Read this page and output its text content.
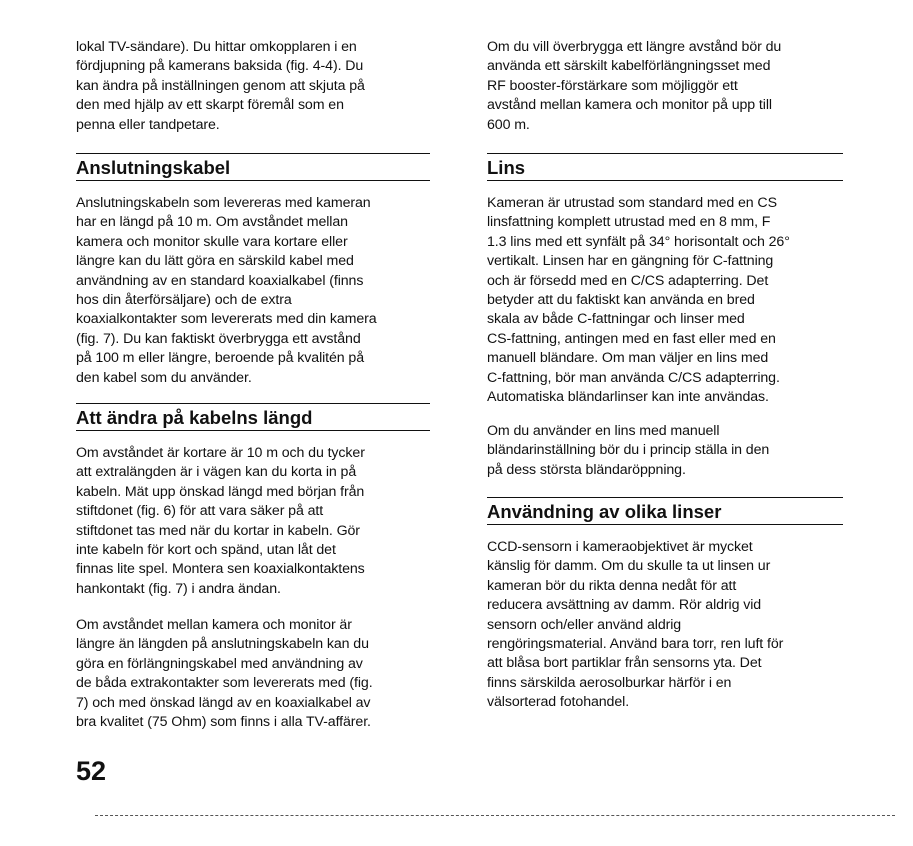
lokal TV-sändare). Du hittar omkopplaren i en
fördjupning på kamerans baksida (fig. 4-4). Du
kan ändra på inställningen genom att skjuta på
den med hjälp av ett skarpt föremål som en
penna eller tandpetare.
Anslutningskabel
Anslutningskabeln som levereras med kameran
har en längd på 10 m. Om avståndet mellan
kamera och monitor skulle vara kortare eller
längre kan du lätt göra en särskild kabel med
användning av en standard koaxialkabel (finns
hos din återförsäljare) och de extra
koaxialkontakter som levererats med din kamera
(fig. 7). Du kan faktiskt överbrygga ett avstånd
på 100 m eller längre, beroende på kvalitén på
den kabel som du använder.
Att ändra på kabelns längd
Om avståndet är kortare är 10 m och du tycker
att extralängden är i vägen kan du korta in på
kabeln. Mät upp önskad längd med början från
stiftdonet (fig. 6) för att vara säker på att
stiftdonet tas med när du kortar in kabeln. Gör
inte kabeln för kort och spänd, utan låt det
finnas lite spel. Montera sen koaxialkontaktens
hankontakt (fig. 7) i andra ändan.
Om avståndet mellan kamera och monitor är
längre än längden på anslutningskabeln kan du
göra en förlängningskabel med användning av
de båda extrakontakter som levererats med (fig.
7) och med önskad längd av en koaxialkabel av
bra kvalitet (75 Ohm) som finns i alla TV-affärer.
Om du vill överbrygga ett längre avstånd bör du
använda ett särskilt kabelförlängningsset med
RF booster-förstärkare som möjliggör ett
avstånd mellan kamera och monitor på upp till
600 m.
Lins
Kameran är utrustad som standard med en CS
linsfattning komplett utrustad med en 8 mm, F
1.3 lins med ett synfält på 34° horisontalt och 26°
vertikalt. Linsen har en gängning för C-fattning
och är försedd med en C/CS adapterring. Det
betyder att du faktiskt kan använda en bred
skala av både C-fattningar och linser med
CS-fattning, antingen med en fast eller med en
manuell bländare. Om man väljer en lins med
C-fattning, bör man använda C/CS adapterring.
Automatiska bländarlinser kan inte användas.
Om du använder en lins med manuell
bländarinställning bör du i princip ställa in den
på dess största bländaröppning.
Användning av olika linser
CCD-sensorn i kameraobjektivet är mycket
känslig för damm. Om du skulle ta ut linsen ur
kameran bör du rikta denna nedåt för att
reducera avsättning av damm. Rör aldrig vid
sensorn och/eller använd aldrig
rengöringsmaterial. Använd bara torr, ren luft för
att blåsa bort partiklar från sensorns yta. Det
finns särskilda aerosolburkar härför i en
välsorterad fotohandel.
52
